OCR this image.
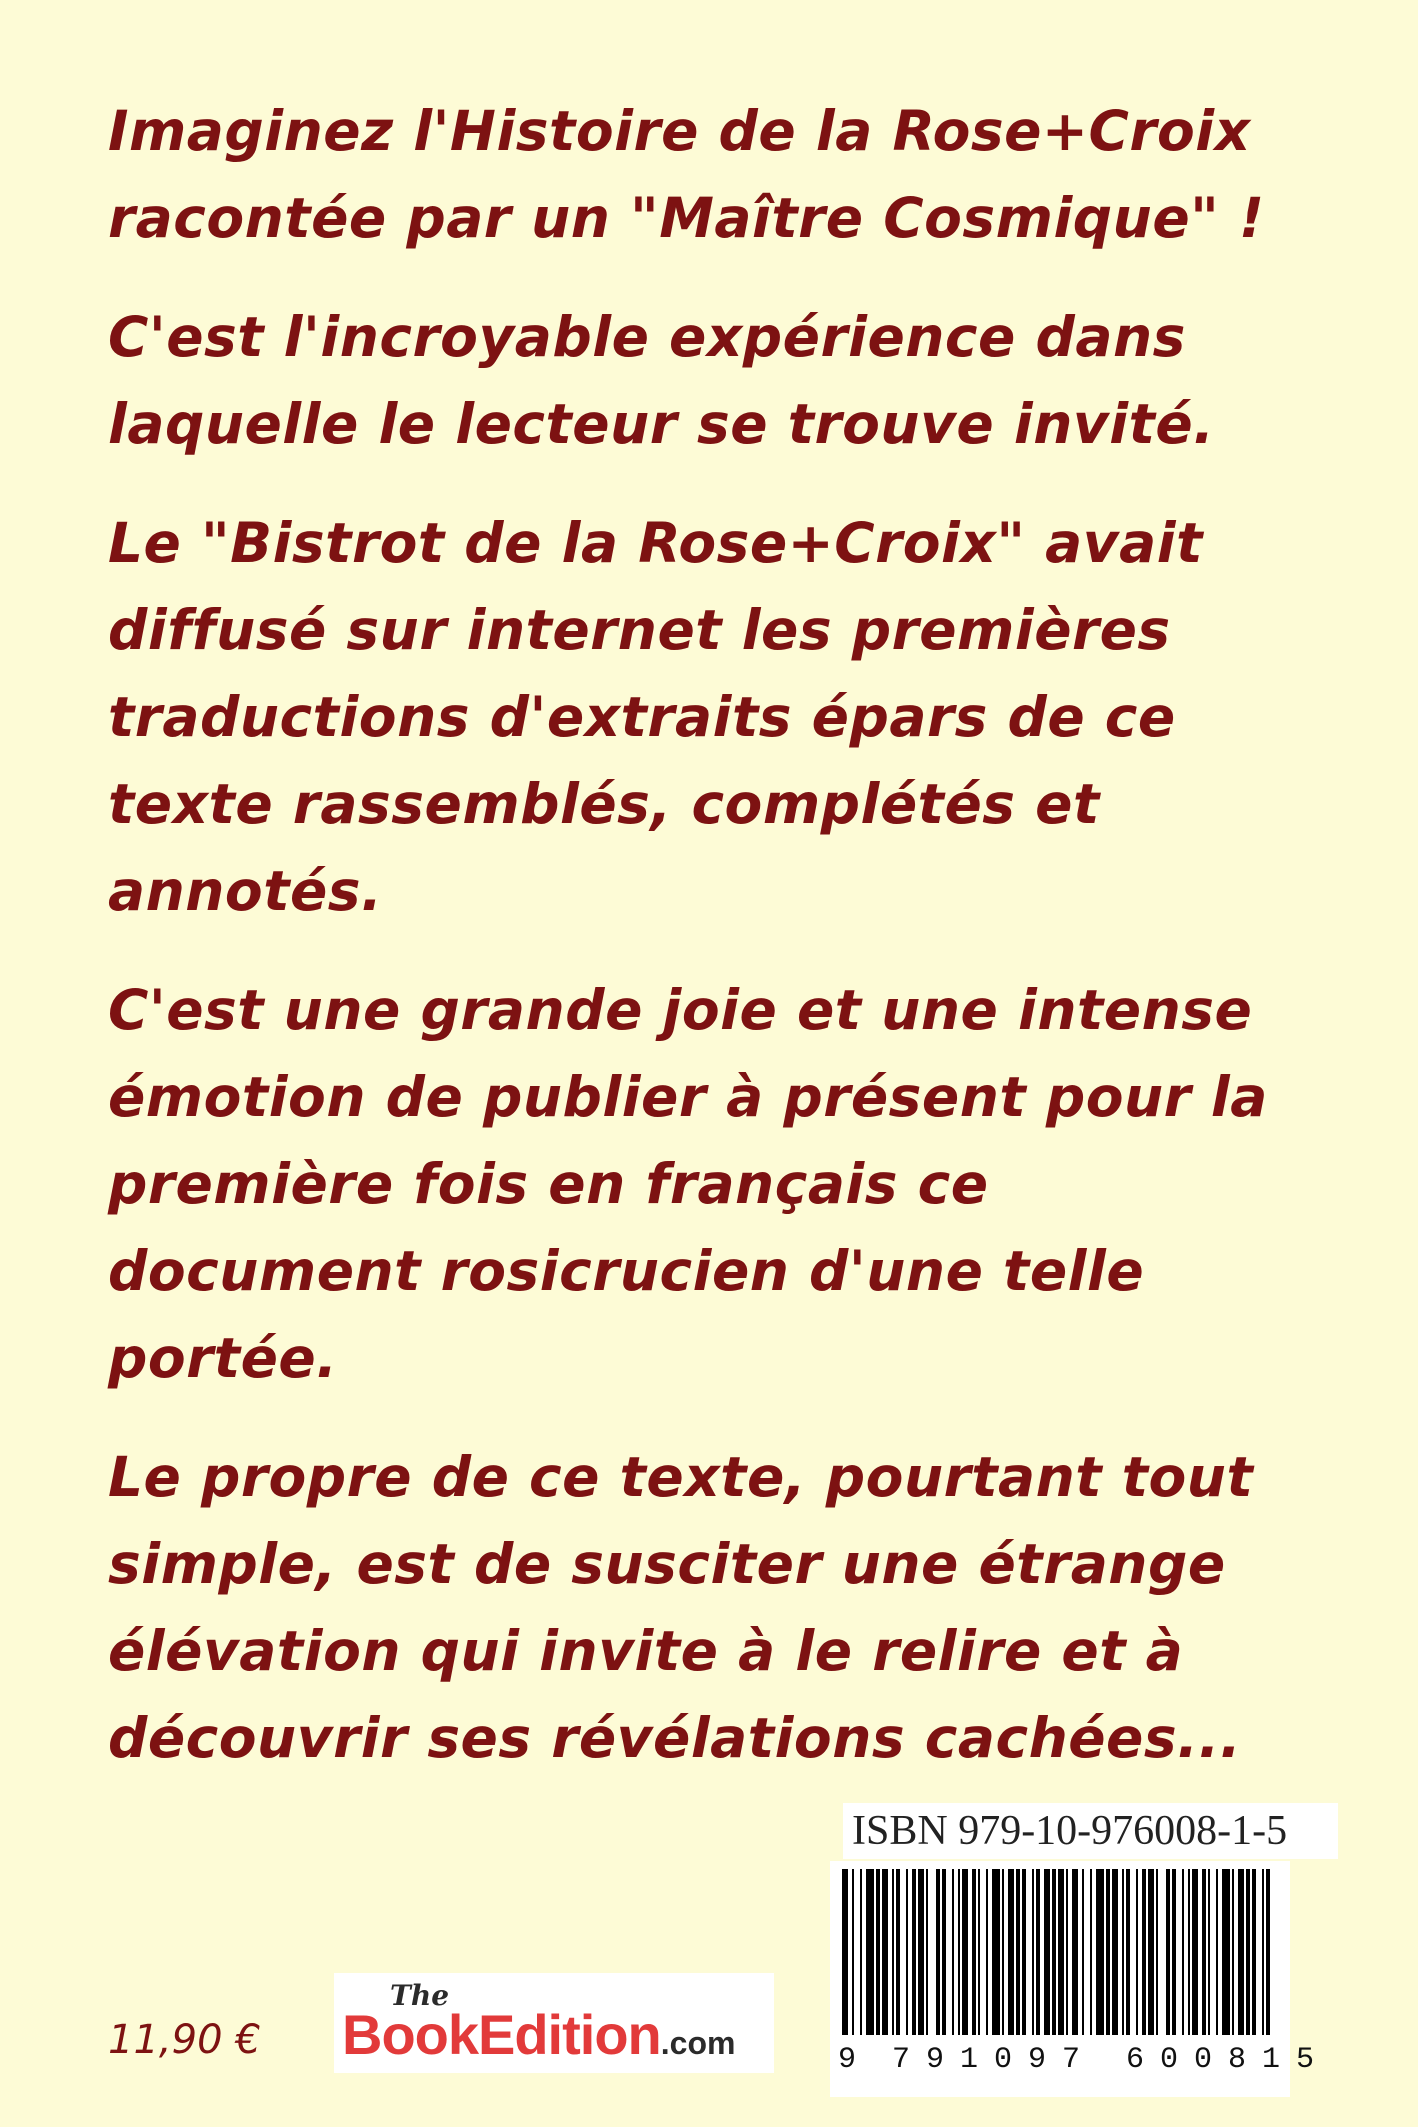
Imaginez l'Histoire de la Rose+Croix
racontée par un "Maître Cosmique" !

C'est l'incroyable expérience dans
laquelle le lecteur se trouve invité.

Le "Bistrot de la Rose+Croix" avait
diffusé sur internet les premières
traductions d'extraits épars de ce
texte rassemblés, complétés et
annotés.

C'est une grande joie et une intense
émotion de publier à présent pour la
première fois en français ce
document rosicrucien d'une telle
portée.

Le propre de ce texte, pourtant tout
simple, est de susciter une étrange
élévation qui invite à le relire et à
découvrir ses révélations cachées...

ISBN 979-10-976008-1-5
9 7 9 1 0 9 7 6 0 0 8 1 5
11,90 €
The
BookEdition.com
